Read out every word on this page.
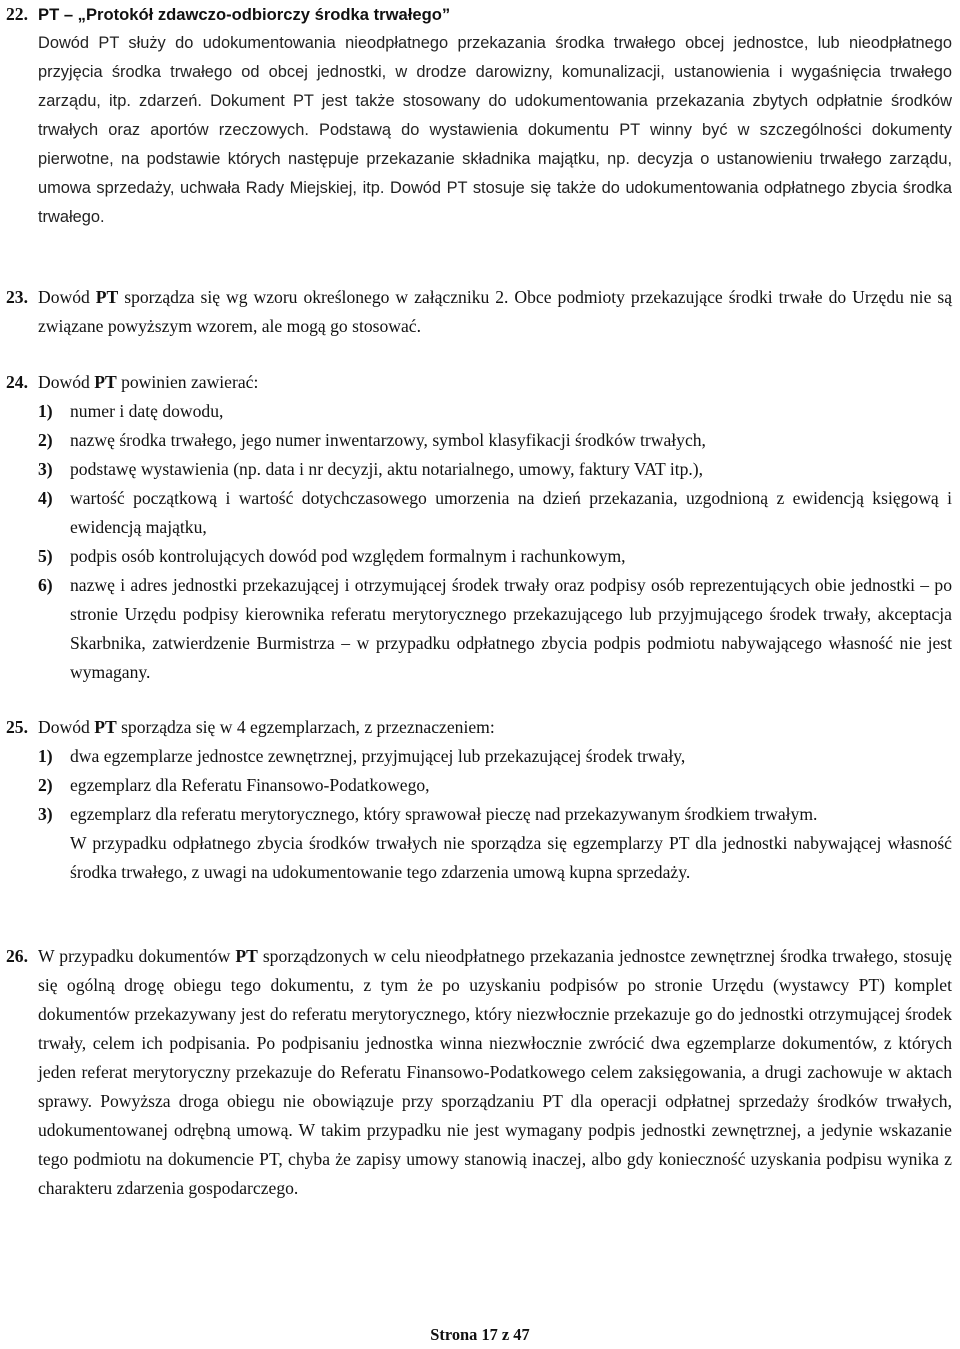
22. PT – „Protokół zdawczo-odbiorczy środka trwałego”
Dowód PT służy do udokumentowania nieodpłatnego przekazania środka trwałego obcej jednostce, lub nieodpłatnego przyjęcia środka trwałego od obcej jednostki, w drodze darowizny, komunalizacji, ustanowienia i wygaśnięcia trwałego zarządu, itp. zdarzeń. Dokument PT jest także stosowany do udokumentowania przekazania zbytych odpłatnie środków trwałych oraz aportów rzeczowych. Podstawą do wystawienia dokumentu PT winny być w szczególności dokumenty pierwotne, na podstawie których następuje przekazanie składnika majątku, np. decyzja o ustanowieniu trwałego zarządu, umowa sprzedaży, uchwała Rady Miejskiej, itp. Dowód PT stosuje się także do udokumentowania odpłatnego zbycia środka trwałego.
23. Dowód PT sporządza się wg wzoru określonego w załączniku 2. Obce podmioty przekazujące środki trwałe do Urzędu nie są związane powyższym wzorem, ale mogą go stosować.
24. Dowód PT powinien zawierać:
1) numer i datę dowodu,
2) nazwę środka trwałego, jego numer inwentarzowy, symbol klasyfikacji środków trwałych,
3) podstawę wystawienia (np. data i nr decyzji, aktu notarialnego, umowy, faktury VAT itp.),
4) wartość początkową i wartość dotychczasowego umorzenia na dzień przekazania, uzgodnioną z ewidencją księgową i ewidencją majątku,
5) podpis osób kontrolujących dowód pod względem formalnym i rachunkowym,
6) nazwę i adres jednostki przekazującej i otrzymującej środek trwały oraz podpisy osób reprezentujących obie jednostki – po stronie Urzędu podpisy kierownika referatu merytorycznego przekazującego lub przyjmującego środek trwały, akceptacja Skarbnika, zatwierdzenie Burmistrza – w przypadku odpłatnego zbycia podpis podmiotu nabywającego własność nie jest wymagany.
25. Dowód PT sporządza się w 4 egzemplarzach, z przeznaczeniem:
1) dwa egzemplarze jednostce zewnętrznej, przyjmującej lub przekazującej środek trwały,
2) egzemplarz dla Referatu Finansowo-Podatkowego,
3) egzemplarz dla referatu merytorycznego, który sprawował pieczę nad przekazywanym środkiem trwałym.
W przypadku odpłatnego zbycia środków trwałych nie sporządza się egzemplarzy PT dla jednostki nabywającej własność środka trwałego, z uwagi na udokumentowanie tego zdarzenia umową kupna sprzedaży.
26. W przypadku dokumentów PT sporządzonych w celu nieodpłatnego przekazania jednostce zewnętrznej środka trwałego, stosuję się ogólną drogę obiegu tego dokumentu, z tym że po uzyskaniu podpisów po stronie Urzędu (wystawcy PT) komplet dokumentów przekazywany jest do referatu merytorycznego, który niezwłocznie przekazuje go do jednostki otrzymującej środek trwały, celem ich podpisania. Po podpisaniu jednostka winna niezwłocznie zwrócić dwa egzemplarze dokumentów, z których jeden referat merytoryczny przekazuje do Referatu Finansowo-Podatkowego celem zaksięgowania, a drugi zachowuje w aktach sprawy. Powyższa droga obiegu nie obowiązuje przy sporządzaniu PT dla operacji odpłatnej sprzedaży środków trwałych, udokumentowanej odrębną umową. W takim przypadku nie jest wymagany podpis jednostki zewnętrznej, a jedynie wskazanie tego podmiotu na dokumencie PT, chyba że zapisy umowy stanowią inaczej, albo gdy konieczność uzyskania podpisu wynika z charakteru zdarzenia gospodarczego.
Strona 17 z 47
